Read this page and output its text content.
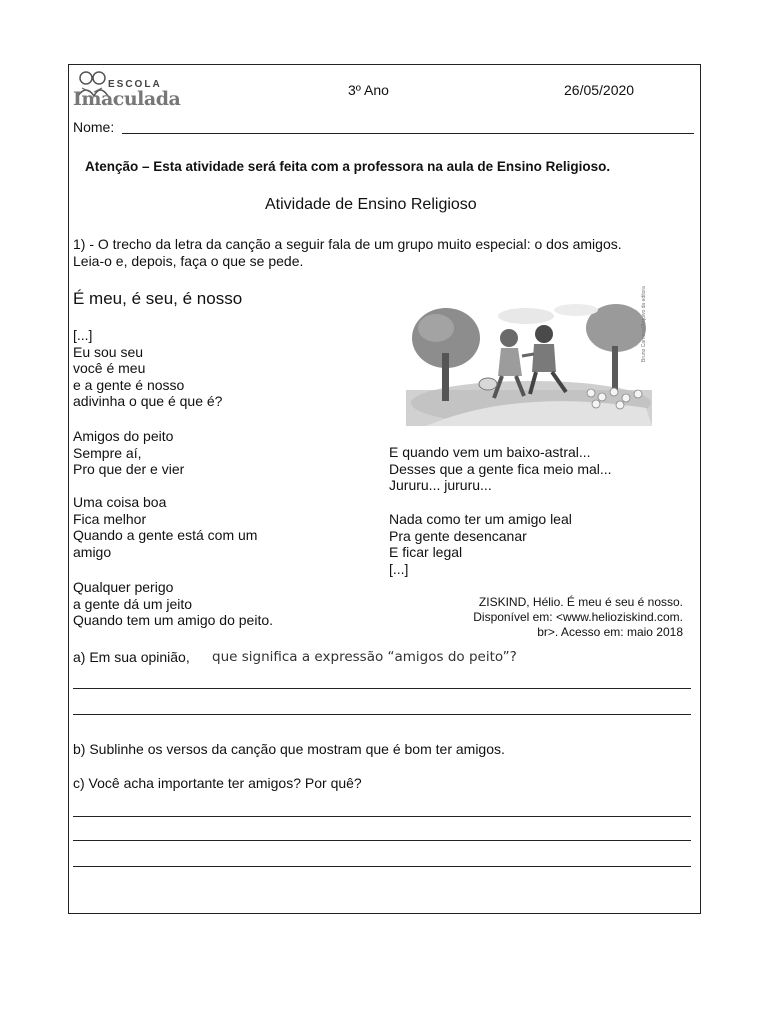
ESCOLA
Imaculada	3º Ano	26/05/2020
Nome:
Atenção – Esta atividade será feita com a professora na aula de Ensino Religioso.
Atividade de Ensino Religioso
1) - O trecho da letra da canção a seguir fala de um grupo muito especial: o dos amigos.
Leia-o e, depois, faça o que se pede.
É meu, é seu, é nosso
[...]
Eu sou seu
você é meu
e a gente é nosso
adivinha o que é que é?
Amigos do peito
Sempre aí,
Pro que der e vier
Uma coisa boa
Fica melhor
Quando a gente está com um
amigo
Qualquer perigo
a gente dá um jeito
Quando tem um amigo do peito.
E quando vem um baixo-astral...
Desses que a gente fica meio mal...
Jururu... jururu...
Nada como ter um amigo leal
Pra gente desencanar
E ficar legal
[...]
Bruno Carneiro/Arquivo da editora
ZISKIND, Hélio. É meu é seu é nosso.
Disponível em: <www.helioziskind.com.
br>. Acesso em: maio 2018
a) Em sua opinião, que significa a expressão “amigos do peito”?
b) Sublinhe os versos da canção que mostram que é bom ter amigos.
c) Você acha importante ter amigos? Por quê?
